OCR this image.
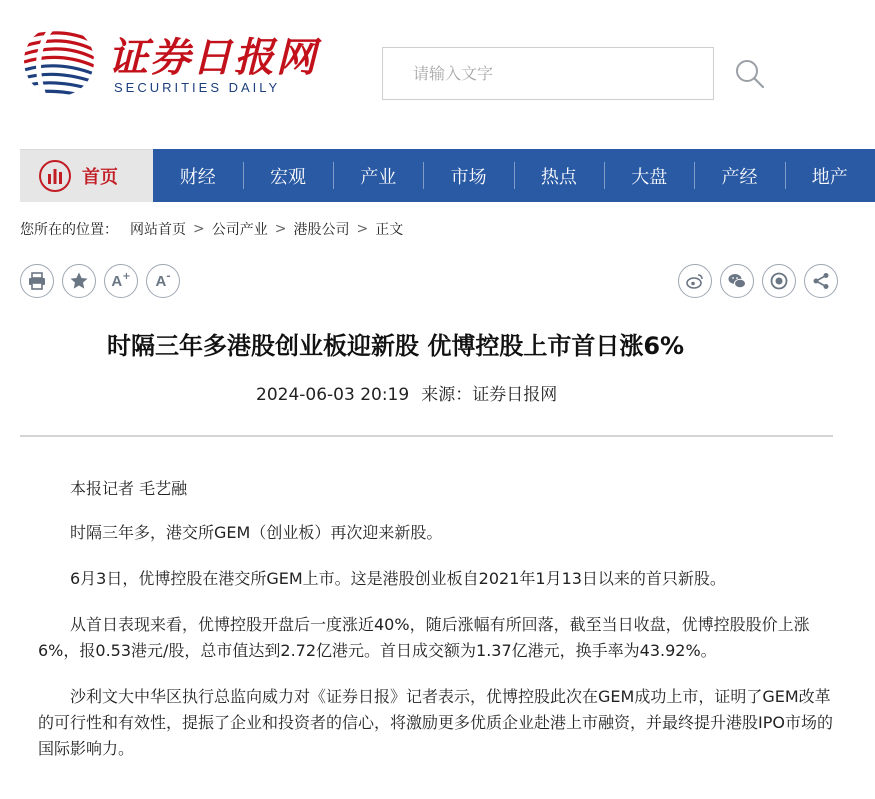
证券日报网
SECURITIES DAILY
请输入文字
首页	财经	宏观	产业	市场	热点	大盘	产经	地产
您所在的位置： 网站首页 > 公司产业 > 港股公司 > 正文
A + A -
时隔三年多港股创业板迎新股 优博控股上市首日涨6%
2024-06-03 20:19 来源：证券日报网

本报记者 毛艺融

时隔三年多，港交所GEM（创业板）再次迎来新股。

6月3日，优博控股在港交所GEM上市。这是港股创业板自2021年1月13日以来的首只新股。

从首日表现来看，优博控股开盘后一度涨近40%，随后涨幅有所回落，截至当日收盘，优博控股股价上涨6%，报0.53港元/股，总市值达到2.72亿港元。首日成交额为1.37亿港元，换手率为43.92%。

沙利文大中华区执行总监向威力对《证券日报》记者表示，优博控股此次在GEM成功上市，证明了GEM改革的可行性和有效性，提振了企业和投资者的信心，将激励更多优质企业赴港上市融资，并最终提升港股IPO市场的国际影响力。
